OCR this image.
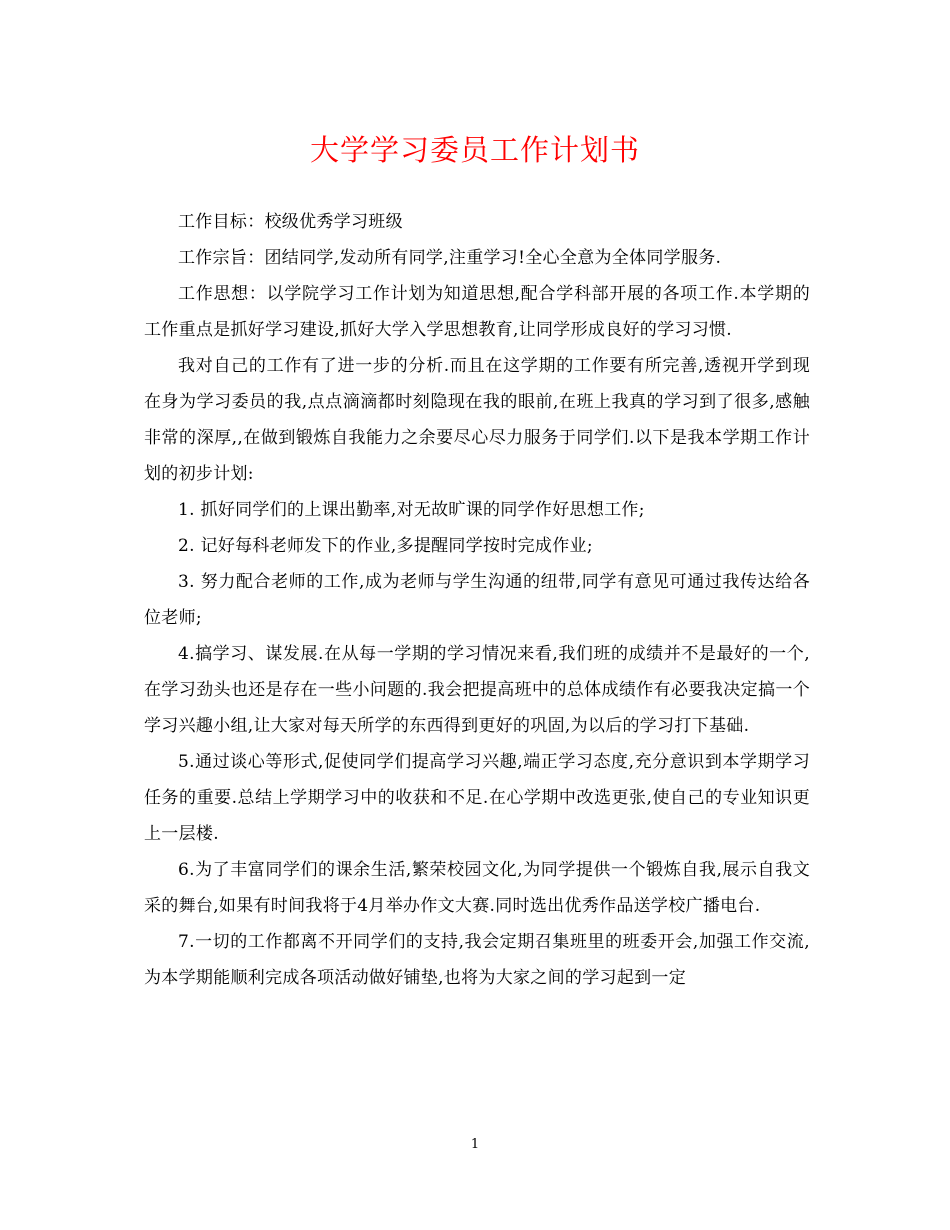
大学学习委员工作计划书

工作目标：校级优秀学习班级

工作宗旨：团结同学,发动所有同学,注重学习!全心全意为全体同学服务.

工作思想：以学院学习工作计划为知道思想,配合学科部开展的各项工作.本学期的工作重点是抓好学习建设,抓好大学入学思想教育,让同学形成良好的学习习惯.

我对自己的工作有了进一步的分析.而且在这学期的工作要有所完善,透视开学到现在身为学习委员的我,点点滴滴都时刻隐现在我的眼前,在班上我真的学习到了很多,感触非常的深厚,,在做到锻炼自我能力之余要尽心尽力服务于同学们.以下是我本学期工作计划的初步计划:

1. 抓好同学们的上课出勤率,对无故旷课的同学作好思想工作;

2. 记好每科老师发下的作业,多提醒同学按时完成作业;

3. 努力配合老师的工作,成为老师与学生沟通的纽带,同学有意见可通过我传达给各位老师;

4.搞学习、谋发展.在从每一学期的学习情况来看,我们班的成绩并不是最好的一个,在学习劲头也还是存在一些小问题的.我会把提高班中的总体成绩作有必要我决定搞一个学习兴趣小组,让大家对每天所学的东西得到更好的巩固,为以后的学习打下基础.

5.通过谈心等形式,促使同学们提高学习兴趣,端正学习态度,充分意识到本学期学习任务的重要.总结上学期学习中的收获和不足.在心学期中改选更张,使自己的专业知识更上一层楼.

6.为了丰富同学们的课余生活,繁荣校园文化,为同学提供一个锻炼自我,展示自我文采的舞台,如果有时间我将于4月举办作文大赛.同时选出优秀作品送学校广播电台.

7.一切的工作都离不开同学们的支持,我会定期召集班里的班委开会,加强工作交流,为本学期能顺利完成各项活动做好铺垫,也将为大家之间的学习起到一定

1
